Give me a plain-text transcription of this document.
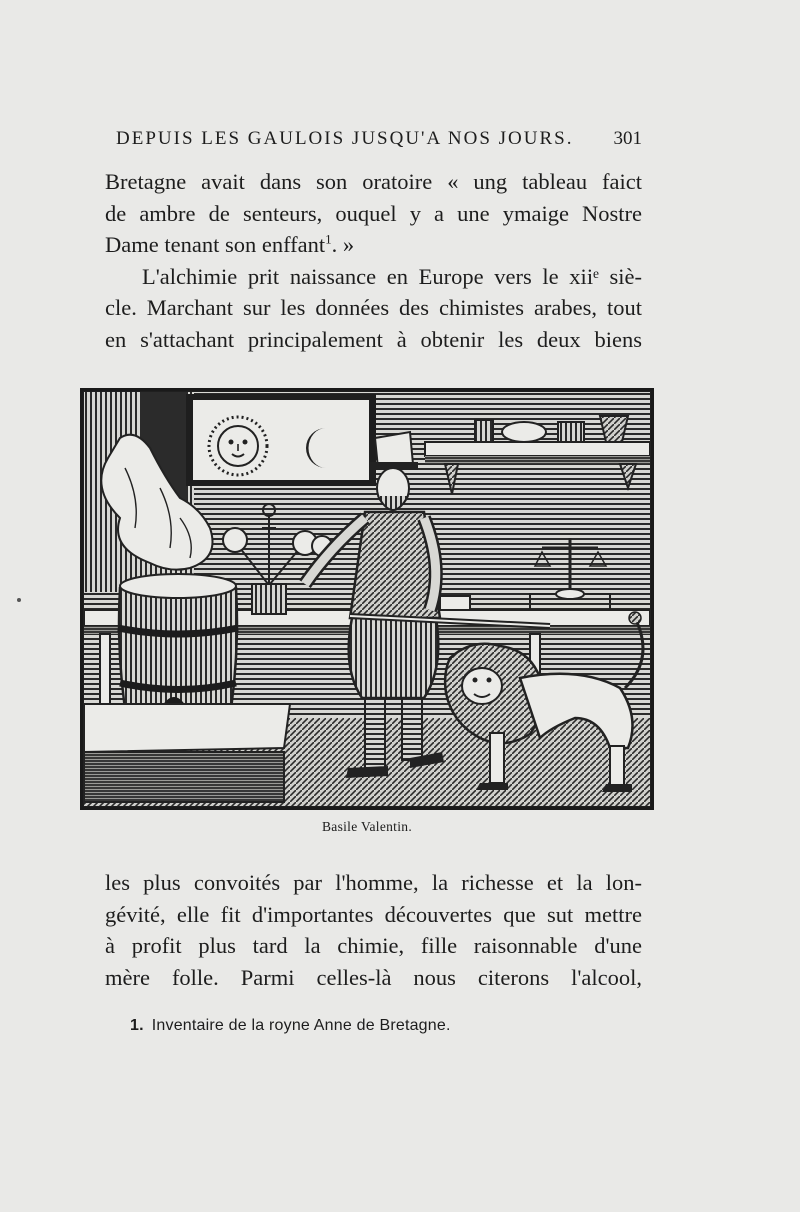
DEPUIS LES GAULOIS JUSQU'A NOS JOURS. 301

Bretagne avait dans son oratoire « ung tableau faict

de ambre de senteurs, ouquel y a une ymaige Nostre

Dame tenant son enffant$^1$. »

L'alchimie prit naissance en Europe vers le xiiᵉ siè-

cle. Marchant sur les données des chimistes arabes, tout

en s'attachant principalement à obtenir les deux biens

Basile Valentin.

les plus convoités par l'homme, la richesse et la lon-

gévité, elle fit d'importantes découvertes que sut mettre

à profit plus tard la chimie, fille raisonnable d'une

mère folle. Parmi celles-là nous citerons l'alcool,

1. Inventaire de la royne Anne de Bretagne.
